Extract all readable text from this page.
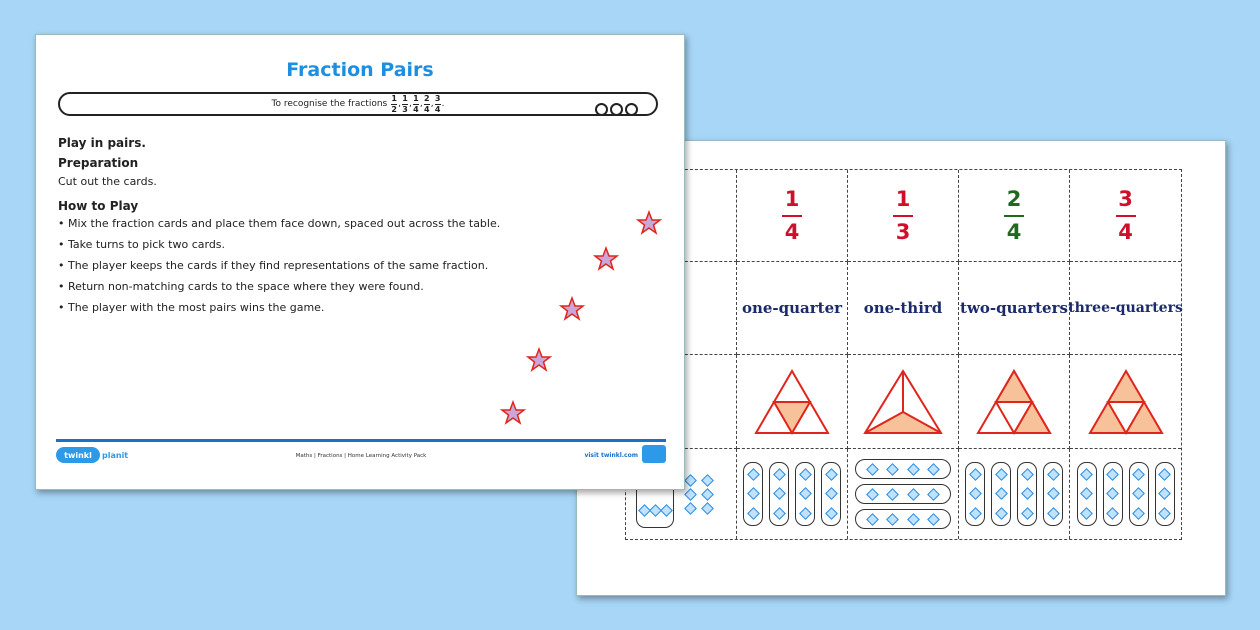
$\frac{1}{4}$	$\frac{1}{3}$	$\frac{2}{4}$	$\frac{3}{4}$
one-quarter one-third two-quarters three-quarters
Fraction Pairs
To recognise the fractions
$\frac{1}{2}$ , $\frac{1}{3}$ , $\frac{1}{4}$ , $\frac{2}{4}$ , $\frac{3}{4}$ .
Play in pairs.
Preparation

Cut out the cards.

How to Play
• Mix the fraction cards and place them face down, spaced out across the table.
• Take turns to pick two cards.
• The player keeps the cards if they find representations of the same fraction.
• Return non-matching cards to the space where they were found.
• The player with the most pairs wins the game.
twinkl	planit	Maths | Fractions | Home Learning Activity Pack	visit twinkl.com
